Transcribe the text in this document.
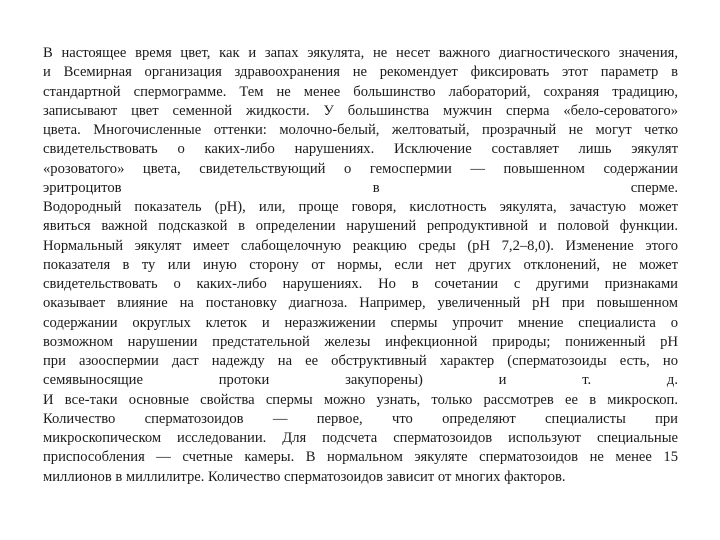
В настоящее время цвет, как и запах эякулята, не несет важного диагностического значения,
и Всемирная организация здравоохранения не рекомендует фиксировать этот параметр в
стандартной спермограмме. Тем не менее большинство лабораторий, сохраняя традицию,
записывают цвет семенной жидкости. У большинства мужчин сперма «бело-сероватого»
цвета. Многочисленные оттенки: молочно-белый, желтоватый, прозрачный не могут четко
свидетельствовать о каких-либо нарушениях. Исключение составляет лишь эякулят
«розоватого» цвета, свидетельствующий о гемоспермии — повышенном содержании
эритроцитов в сперме.
Водородный показатель (pH), или, проще говоря, кислотность эякулята, зачастую может
явиться важной подсказкой в определении нарушений репродуктивной и половой функции.
Нормальный эякулят имеет слабощелочную реакцию среды (pH 7,2–8,0). Изменение этого
показателя в ту или иную сторону от нормы, если нет других отклонений, не может
свидетельствовать о каких-либо нарушениях. Но в сочетании с другими признаками
оказывает влияние на постановку диагноза. Например, увеличенный pH при повышенном
содержании округлых клеток и неразжижении спермы упрочит мнение специалиста о
возможном нарушении предстательной железы инфекционной природы; пониженный pH
при азооспермии даст надежду на ее обструктивный характер (сперматозоиды есть, но
семявыносящие протоки закупорены) и т. д.
И все-таки основные свойства спермы можно узнать, только рассмотрев ее в микроскоп.
Количество сперматозоидов — первое, что определяют специалисты при
микроскопическом исследовании. Для подсчета сперматозоидов используют специальные
приспособления — счетные камеры. В нормальном эякуляте сперматозоидов не менее 15
миллионов в миллилитре. Количество сперматозоидов зависит от многих факторов.
